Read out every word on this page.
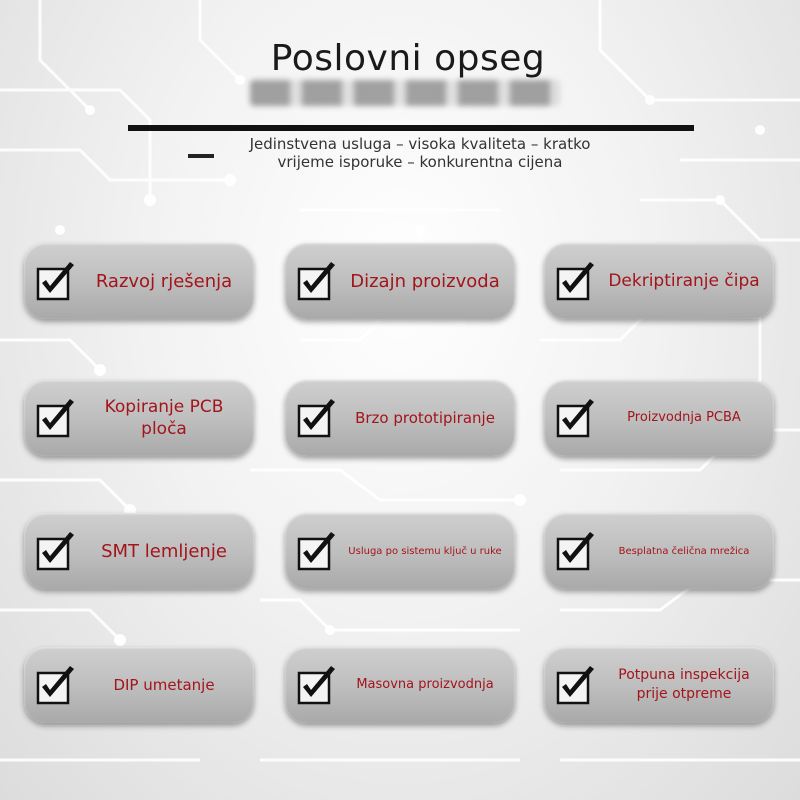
Poslovni opseg
Jedinstvena usluga – visoka kvaliteta – kratko vrijeme isporuke – konkurentna cijena
Razvoj rješenja	Dizajn proizvoda	Dekriptiranje čipa
Kopiranje PCB ploča
Brzo prototipiranje	Proizvodnja PCBA
SMT lemljenje	Usluga po sistemu ključ u ruke	Besplatna čelična mrežica
DIP umetanje	Masovna proizvodnja
Potpuna inspekcija prije otpreme
